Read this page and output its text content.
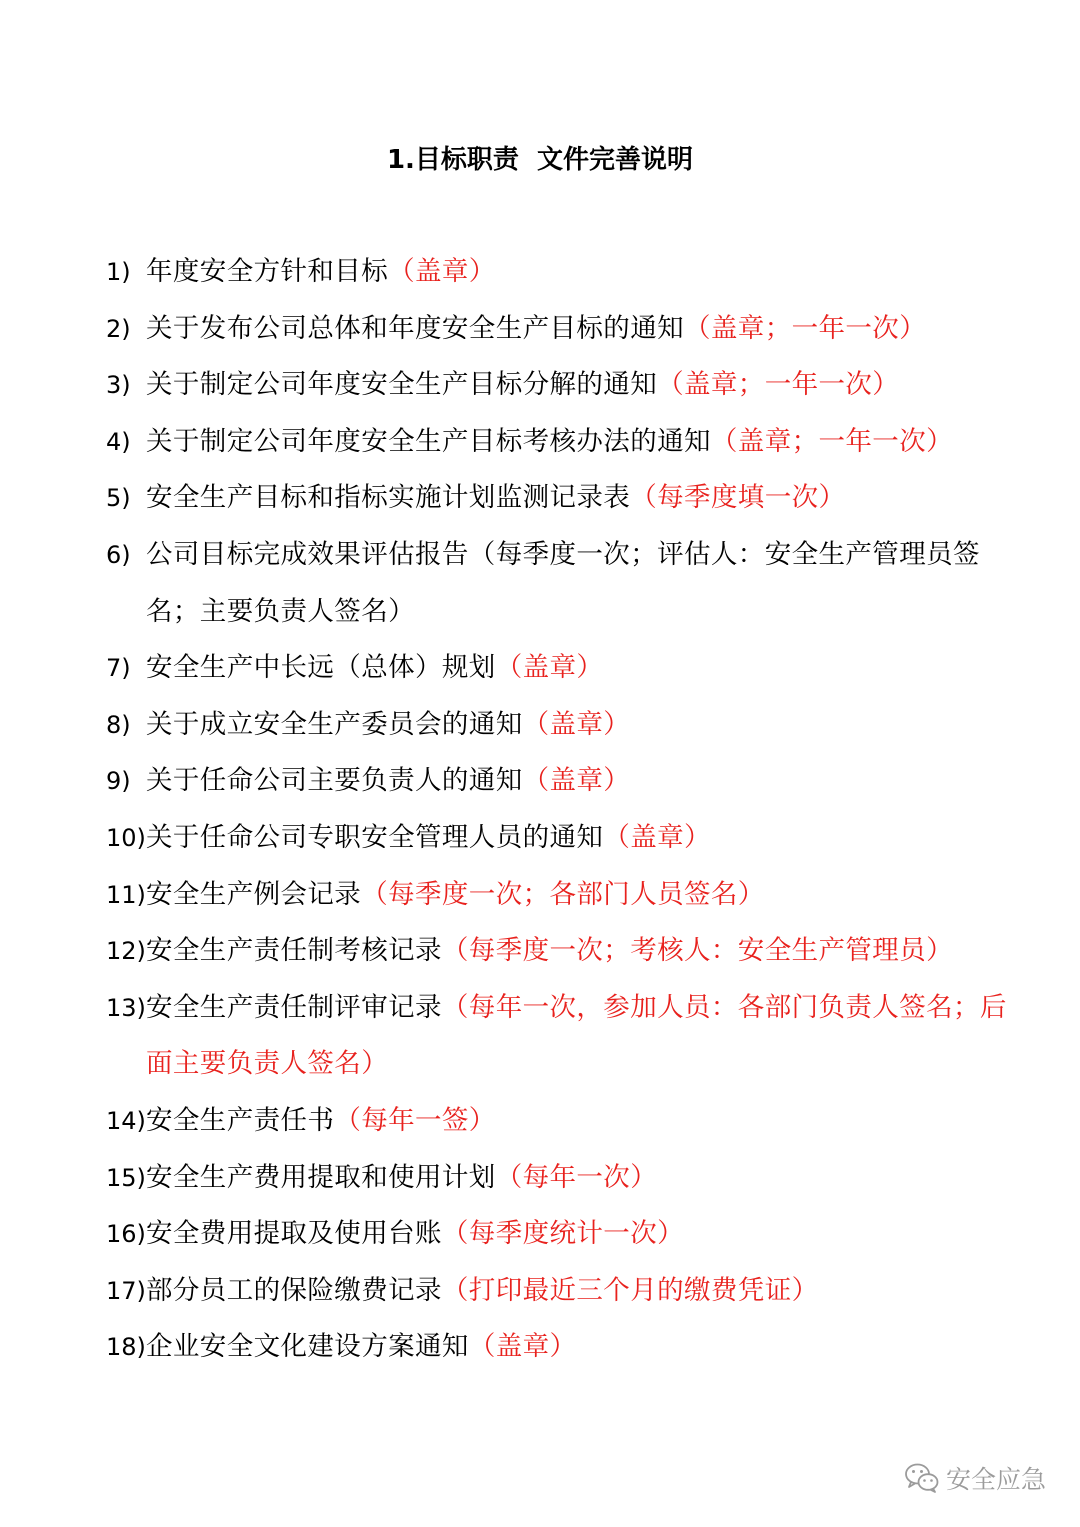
1.目标职责  文件完善说明
1) 年度安全方针和目标（盖章）
2) 关于发布公司总体和年度安全生产目标的通知（盖章；一年一次）
3) 关于制定公司年度安全生产目标分解的通知（盖章；一年一次）
4) 关于制定公司年度安全生产目标考核办法的通知（盖章；一年一次）
5) 安全生产目标和指标实施计划监测记录表（每季度填一次）
6) 公司目标完成效果评估报告（每季度一次；评估人：安全生产管理员签名；主要负责人签名）
7) 安全生产中长远（总体）规划（盖章）
8) 关于成立安全生产委员会的通知（盖章）
9) 关于任命公司主要负责人的通知（盖章）
10) 关于任命公司专职安全管理人员的通知（盖章）
11) 安全生产例会记录（每季度一次；各部门人员签名）
12) 安全生产责任制考核记录（每季度一次；考核人：安全生产管理员）
13) 安全生产责任制评审记录（每年一次，参加人员：各部门负责人签名；后面主要负责人签名）
14) 安全生产责任书（每年一签）
15) 安全生产费用提取和使用计划（每年一次）
16) 安全费用提取及使用台账（每季度统计一次）
17) 部分员工的保险缴费记录（打印最近三个月的缴费凭证）
18) 企业安全文化建设方案通知（盖章）
安全应急
